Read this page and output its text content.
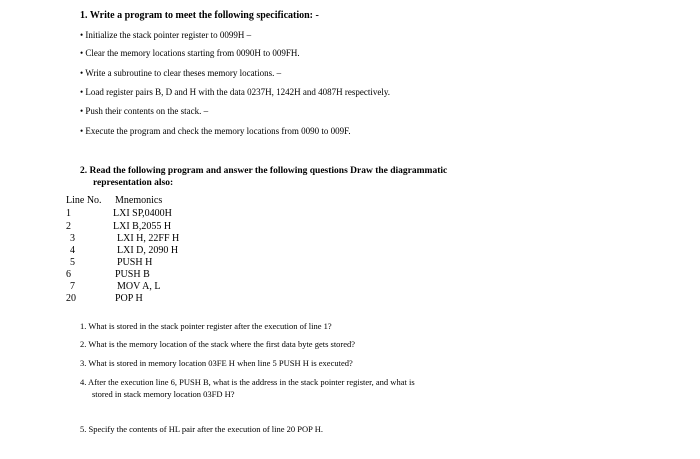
1. Write a program to meet the following specification: -
• Initialize the stack pointer register to 0099H –
• Clear the memory locations starting from 0090H to 009FH.
• Write a subroutine to clear theses memory locations. –
• Load register pairs B, D and H with the data 0237H, 1242H and 4087H respectively.
• Push their contents on the stack. –
• Execute the program and check the memory locations from 0090 to 009F.
2. Read the following program and answer the following questions Draw the diagrammatic
representation also:
Line No. Mnemonics
1	LXI SP,0400H
2	LXI B,2055 H
3	LXI H, 22FF H
4	LXI D, 2090 H
5	PUSH H
6	PUSH B
7	MOV A, L
20	POP H
1. What is stored in the stack pointer register after the execution of line 1?
2. What is the memory location of the stack where the first data byte gets stored?
3. What is stored in memory location 03FE H when line 5 PUSH H is executed?
4. After the execution line 6, PUSH B, what is the address in the stack pointer register, and what is
stored in stack memory location 03FD H?
5. Specify the contents of HL pair after the execution of line 20 POP H.
